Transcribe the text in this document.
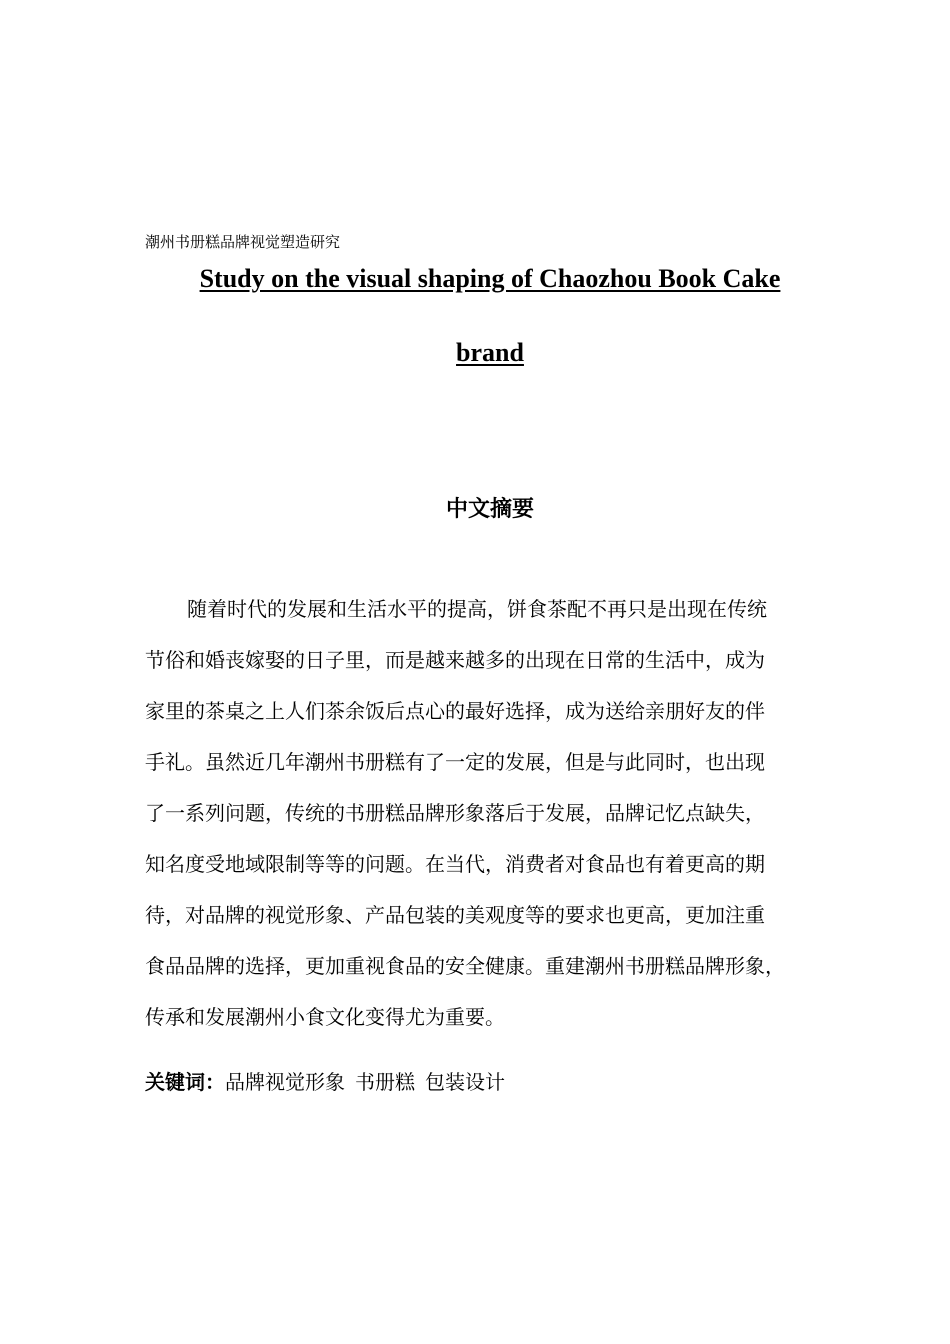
潮州书册糕品牌视觉塑造研究
Study on the visual shaping of Chaozhou Book Cake
brand
中文摘要
随着时代的发展和生活水平的提高，饼食茶配不再只是出现在传统
节俗和婚丧嫁娶的日子里，而是越来越多的出现在日常的生活中，成为
家里的茶桌之上人们茶余饭后点心的最好选择，成为送给亲朋好友的伴
手礼。虽然近几年潮州书册糕有了一定的发展，但是与此同时，也出现
了一系列问题，传统的书册糕品牌形象落后于发展，品牌记忆点缺失，
知名度受地域限制等等的问题。在当代，消费者对食品也有着更高的期
待，对品牌的视觉形象、产品包装的美观度等的要求也更高，更加注重
食品品牌的选择，更加重视食品的安全健康。重建潮州书册糕品牌形象，
传承和发展潮州小食文化变得尤为重要。
关键词：品牌视觉形象 书册糕 包装设计
